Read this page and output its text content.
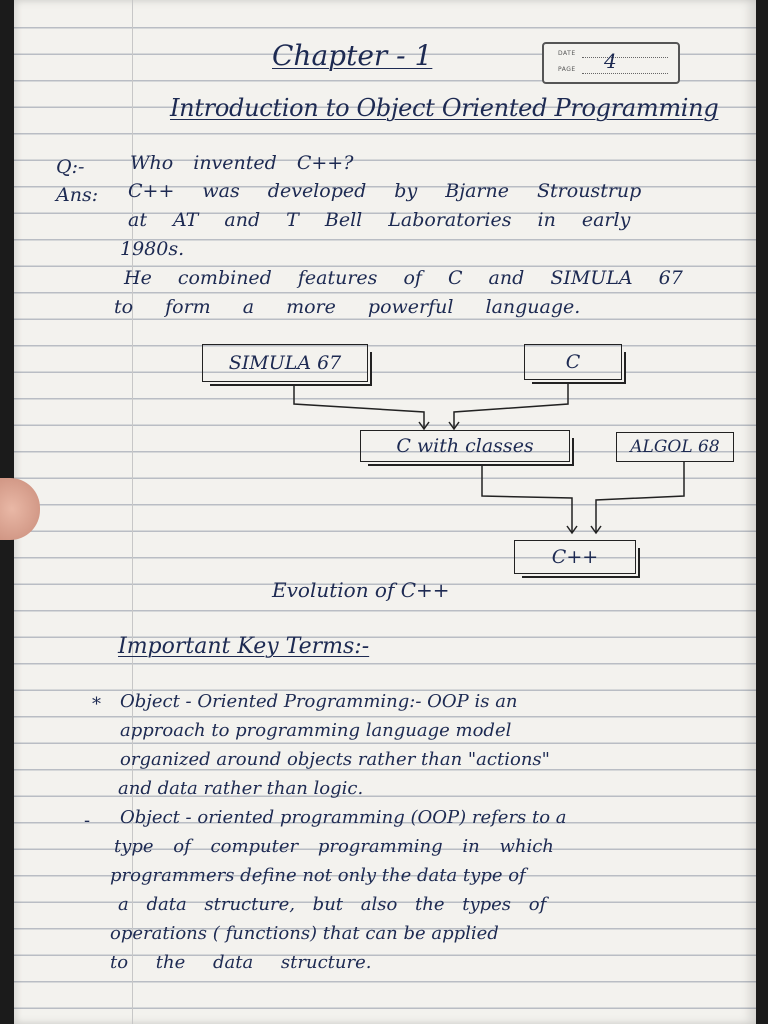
Chapter - 1	DATE
PAGE 4
Introduction to Object Oriented Programming
Q:- Who invented C++?
Ans: C++ was developed by Bjarne Stroustrup
at AT and T Bell Laboratories in early
1980s.
He combined features of C and SIMULA 67
to form a more powerful language.
SIMULA 67	C
C with classes	ALGOL 68
C++
Evolution of C++
Important Key Terms:-
* Object - Oriented Programming:- OOP is an
approach to programming language model
organized around objects rather than "actions"
and data rather than logic.
- Object - oriented programming (OOP) refers to a
type of computer programming in which
programmers define not only the data type of
a data structure, but also the types of
operations ( functions) that can be applied
to the data structure.
